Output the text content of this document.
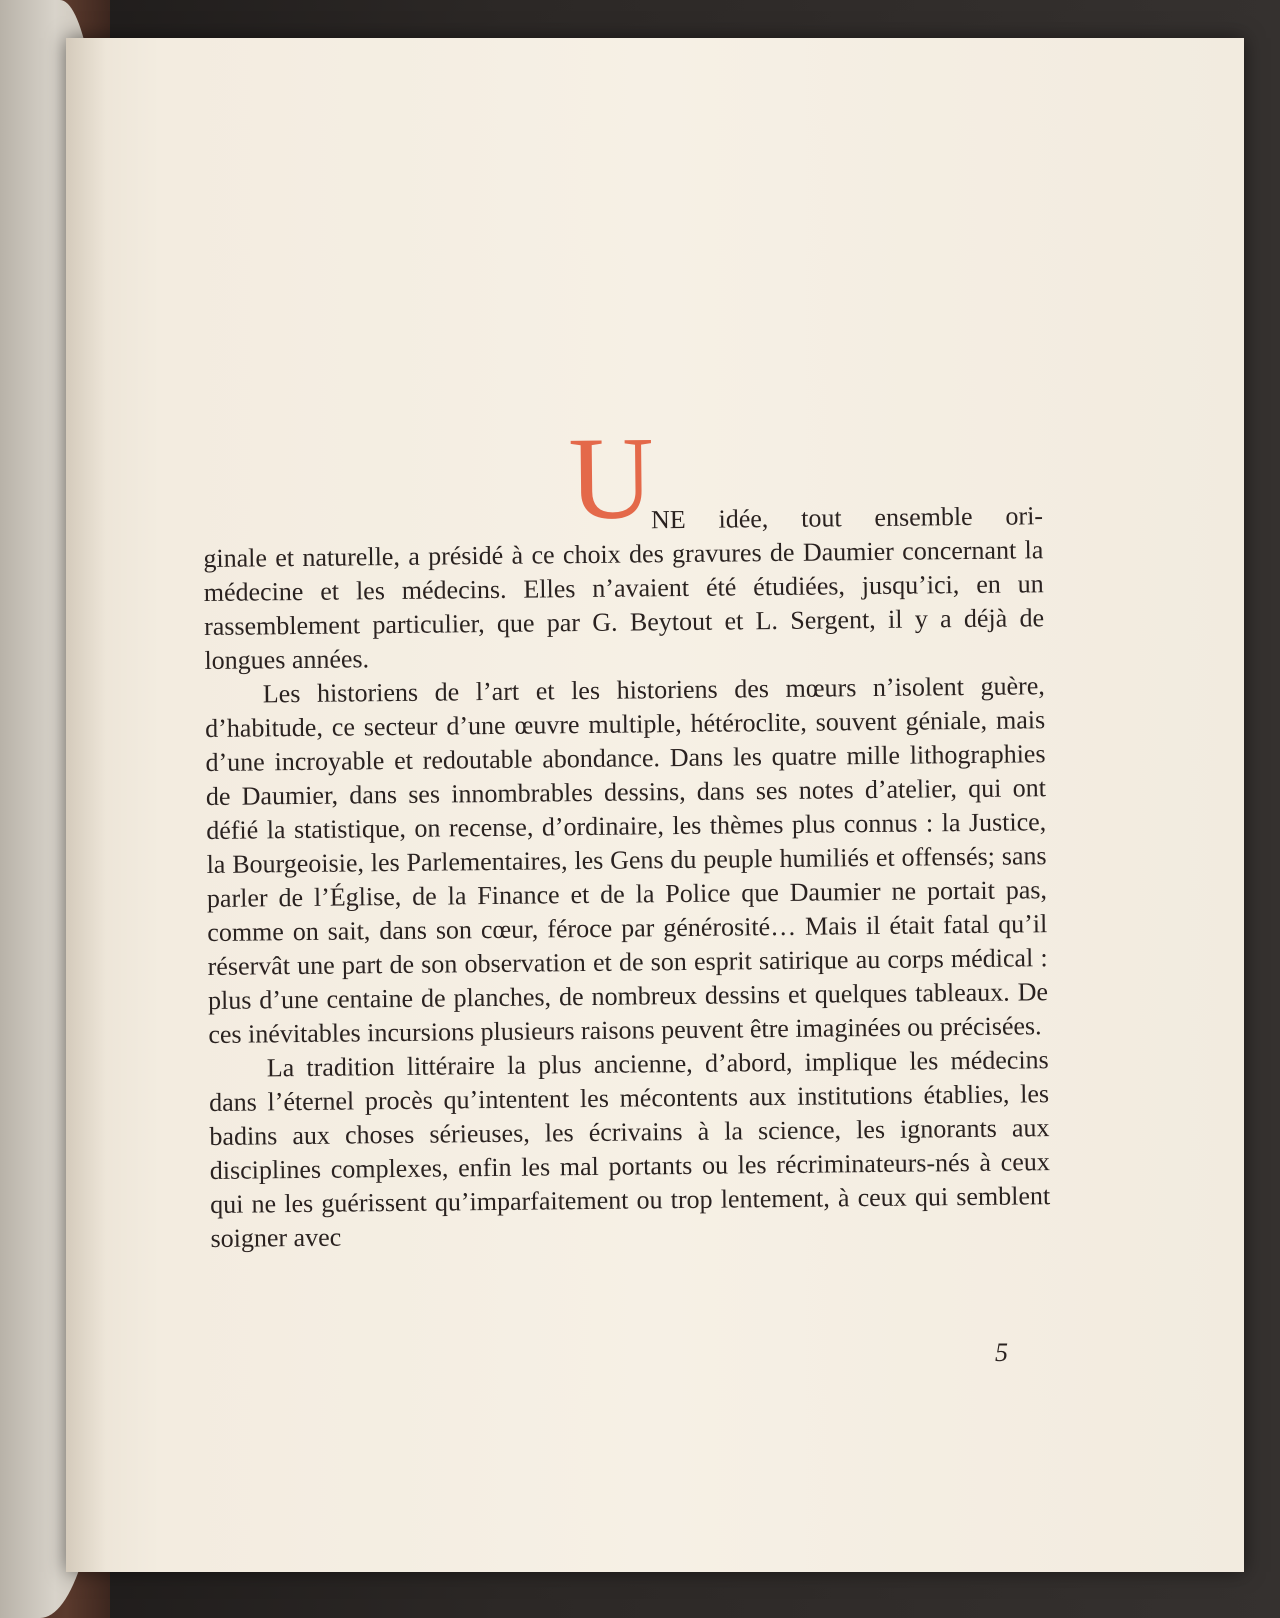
U
NE idée, tout ensemble ori-

ginale et naturelle, a présidé à ce choix des gravures de Daumier concernant la médecine et les médecins. Elles n’avaient été étudiées, jusqu’ici, en un rassemblement particulier, que par G. Beytout et L. Sergent, il y a déjà de longues années.

Les historiens de l’art et les historiens des mœurs n’isolent guère, d’habitude, ce secteur d’une œuvre multiple, hétéroclite, souvent géniale, mais d’une incroyable et redoutable abondance. Dans les quatre mille lithographies de Daumier, dans ses innombrables dessins, dans ses notes d’atelier, qui ont défié la statistique, on recense, d’ordinaire, les thèmes plus connus : la Justice, la Bourgeoisie, les Parlementaires, les Gens du peuple humiliés et offensés; sans parler de l’Église, de la Finance et de la Police que Daumier ne portait pas, comme on sait, dans son cœur, féroce par générosité… Mais il était fatal qu’il réservât une part de son observation et de son esprit satirique au corps médical : plus d’une centaine de planches, de nombreux dessins et quelques tableaux. De ces inévitables incursions plusieurs raisons peuvent être imaginées ou précisées.

La tradition littéraire la plus ancienne, d’abord, implique les médecins dans l’éternel procès qu’intentent les mécontents aux institutions établies, les badins aux choses sérieuses, les écrivains à la science, les ignorants aux disciplines complexes, enfin les mal portants ou les récriminateurs-nés à ceux qui ne les guérissent qu’imparfaitement ou trop lentement, à ceux qui semblent soigner avec

5
